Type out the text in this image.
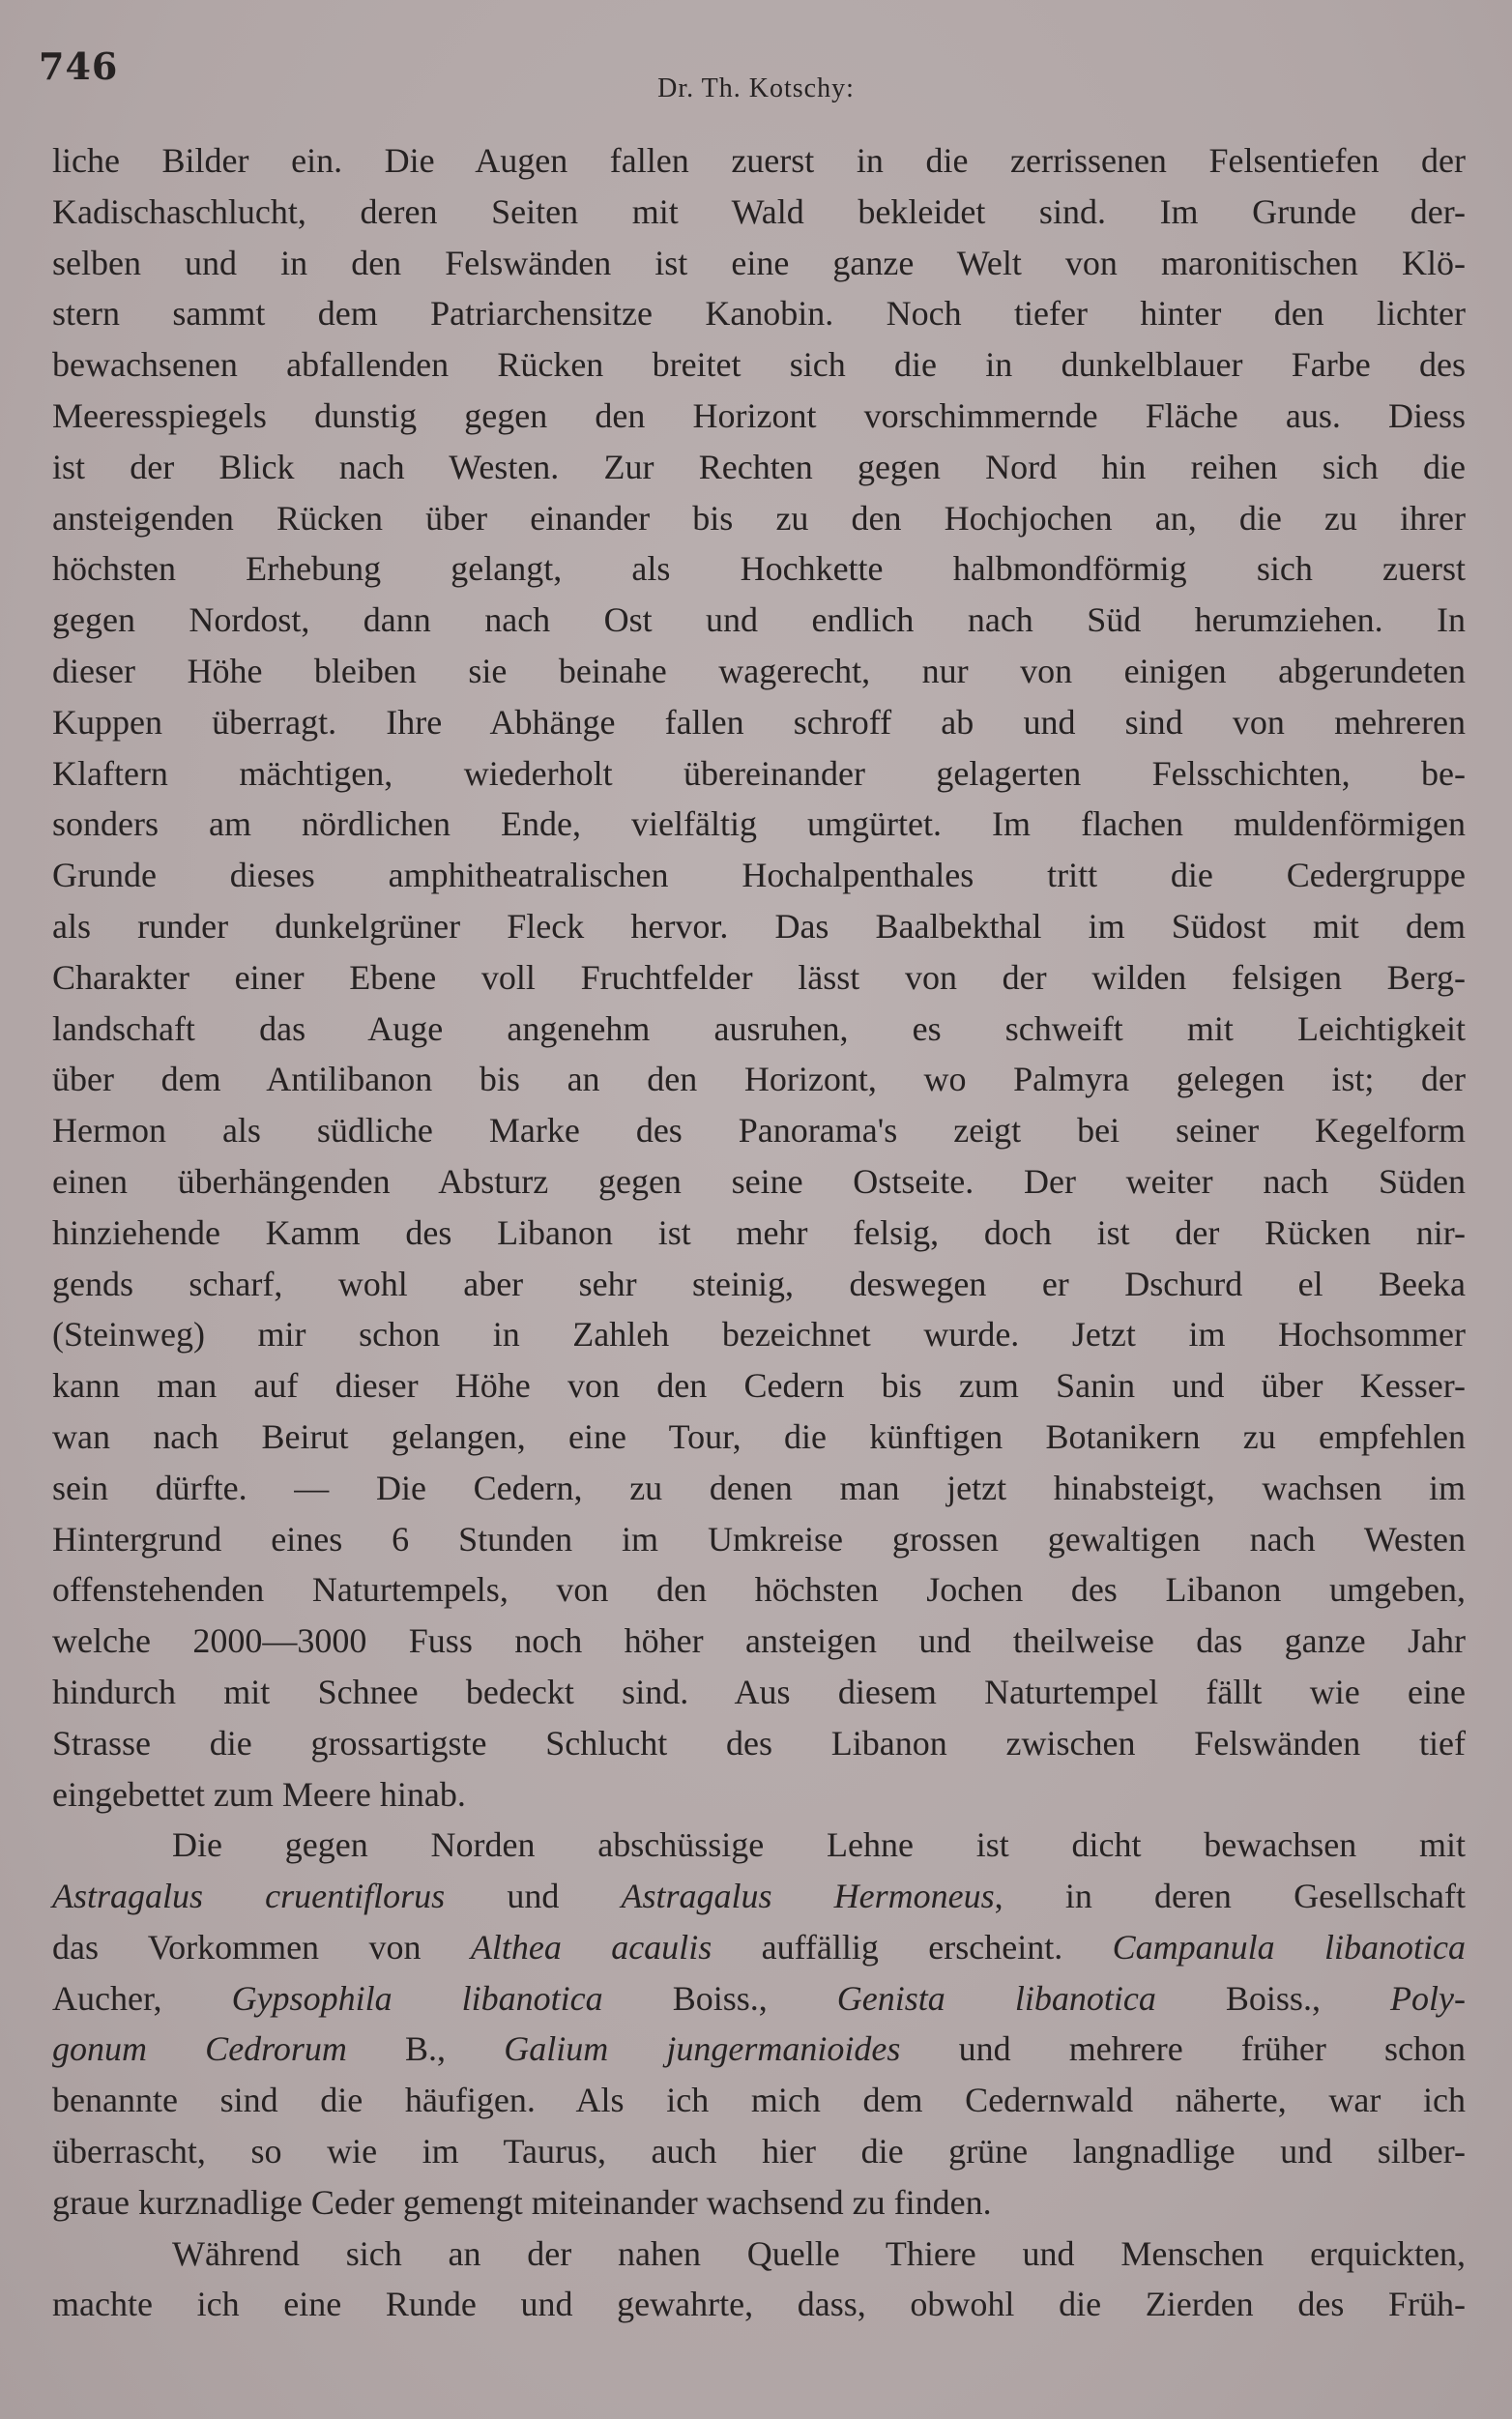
746
Dr. Th. Kotschy:
liche Bilder ein. Die Augen fallen zuerst in die zerrissenen Felsentiefen der
Kadischaschlucht, deren Seiten mit Wald bekleidet sind. Im Grunde der-
selben und in den Felswänden ist eine ganze Welt von maronitischen Klö-
stern sammt dem Patriarchensitze Kanobin. Noch tiefer hinter den lichter
bewachsenen abfallenden Rücken breitet sich die in dunkelblauer Farbe des
Meeresspiegels dunstig gegen den Horizont vorschimmernde Fläche aus. Diess
ist der Blick nach Westen. Zur Rechten gegen Nord hin reihen sich die
ansteigenden Rücken über einander bis zu den Hochjochen an, die zu ihrer
höchsten Erhebung gelangt, als Hochkette halbmondförmig sich zuerst
gegen Nordost, dann nach Ost und endlich nach Süd herumziehen. In
dieser Höhe bleiben sie beinahe wagerecht, nur von einigen abgerundeten
Kuppen überragt. Ihre Abhänge fallen schroff ab und sind von mehreren
Klaftern mächtigen, wiederholt übereinander gelagerten Felsschichten, be-
sonders am nördlichen Ende, vielfältig umgürtet. Im flachen muldenförmigen
Grunde dieses amphitheatralischen Hochalpenthales tritt die Cedergruppe
als runder dunkelgrüner Fleck hervor. Das Baalbekthal im Südost mit dem
Charakter einer Ebene voll Fruchtfelder lässt von der wilden felsigen Berg-
landschaft das Auge angenehm ausruhen, es schweift mit Leichtigkeit
über dem Antilibanon bis an den Horizont, wo Palmyra gelegen ist; der
Hermon als südliche Marke des Panorama's zeigt bei seiner Kegelform
einen überhängenden Absturz gegen seine Ostseite. Der weiter nach Süden
hinziehende Kamm des Libanon ist mehr felsig, doch ist der Rücken nir-
gends scharf, wohl aber sehr steinig, deswegen er Dschurd el Beeka
(Steinweg) mir schon in Zahleh bezeichnet wurde. Jetzt im Hochsommer
kann man auf dieser Höhe von den Cedern bis zum Sanin und über Kesser-
wan nach Beirut gelangen, eine Tour, die künftigen Botanikern zu empfehlen
sein dürfte. — Die Cedern, zu denen man jetzt hinabsteigt, wachsen im
Hintergrund eines 6 Stunden im Umkreise grossen gewaltigen nach Westen
offenstehenden Naturtempels, von den höchsten Jochen des Libanon umgeben,
welche 2000—3000 Fuss noch höher ansteigen und theilweise das ganze Jahr
hindurch mit Schnee bedeckt sind. Aus diesem Naturtempel fällt wie eine
Strasse die grossartigste Schlucht des Libanon zwischen Felswänden tief
eingebettet zum Meere hinab.
Die gegen Norden abschüssige Lehne ist dicht bewachsen mit
Astragalus cruentiflorus und Astragalus Hermoneus, in deren Gesellschaft
das Vorkommen von Althea acaulis auffällig erscheint. Campanula libanotica
Aucher, Gypsophila libanotica Boiss., Genista libanotica Boiss., Poly-
gonum Cedrorum B., Galium jungermanioides und mehrere früher schon
benannte sind die häufigen. Als ich mich dem Cedernwald näherte, war ich
überrascht, so wie im Taurus, auch hier die grüne langnadlige und silber-
graue kurznadlige Ceder gemengt miteinander wachsend zu finden.
Während sich an der nahen Quelle Thiere und Menschen erquickten,
machte ich eine Runde und gewahrte, dass, obwohl die Zierden des Früh-
